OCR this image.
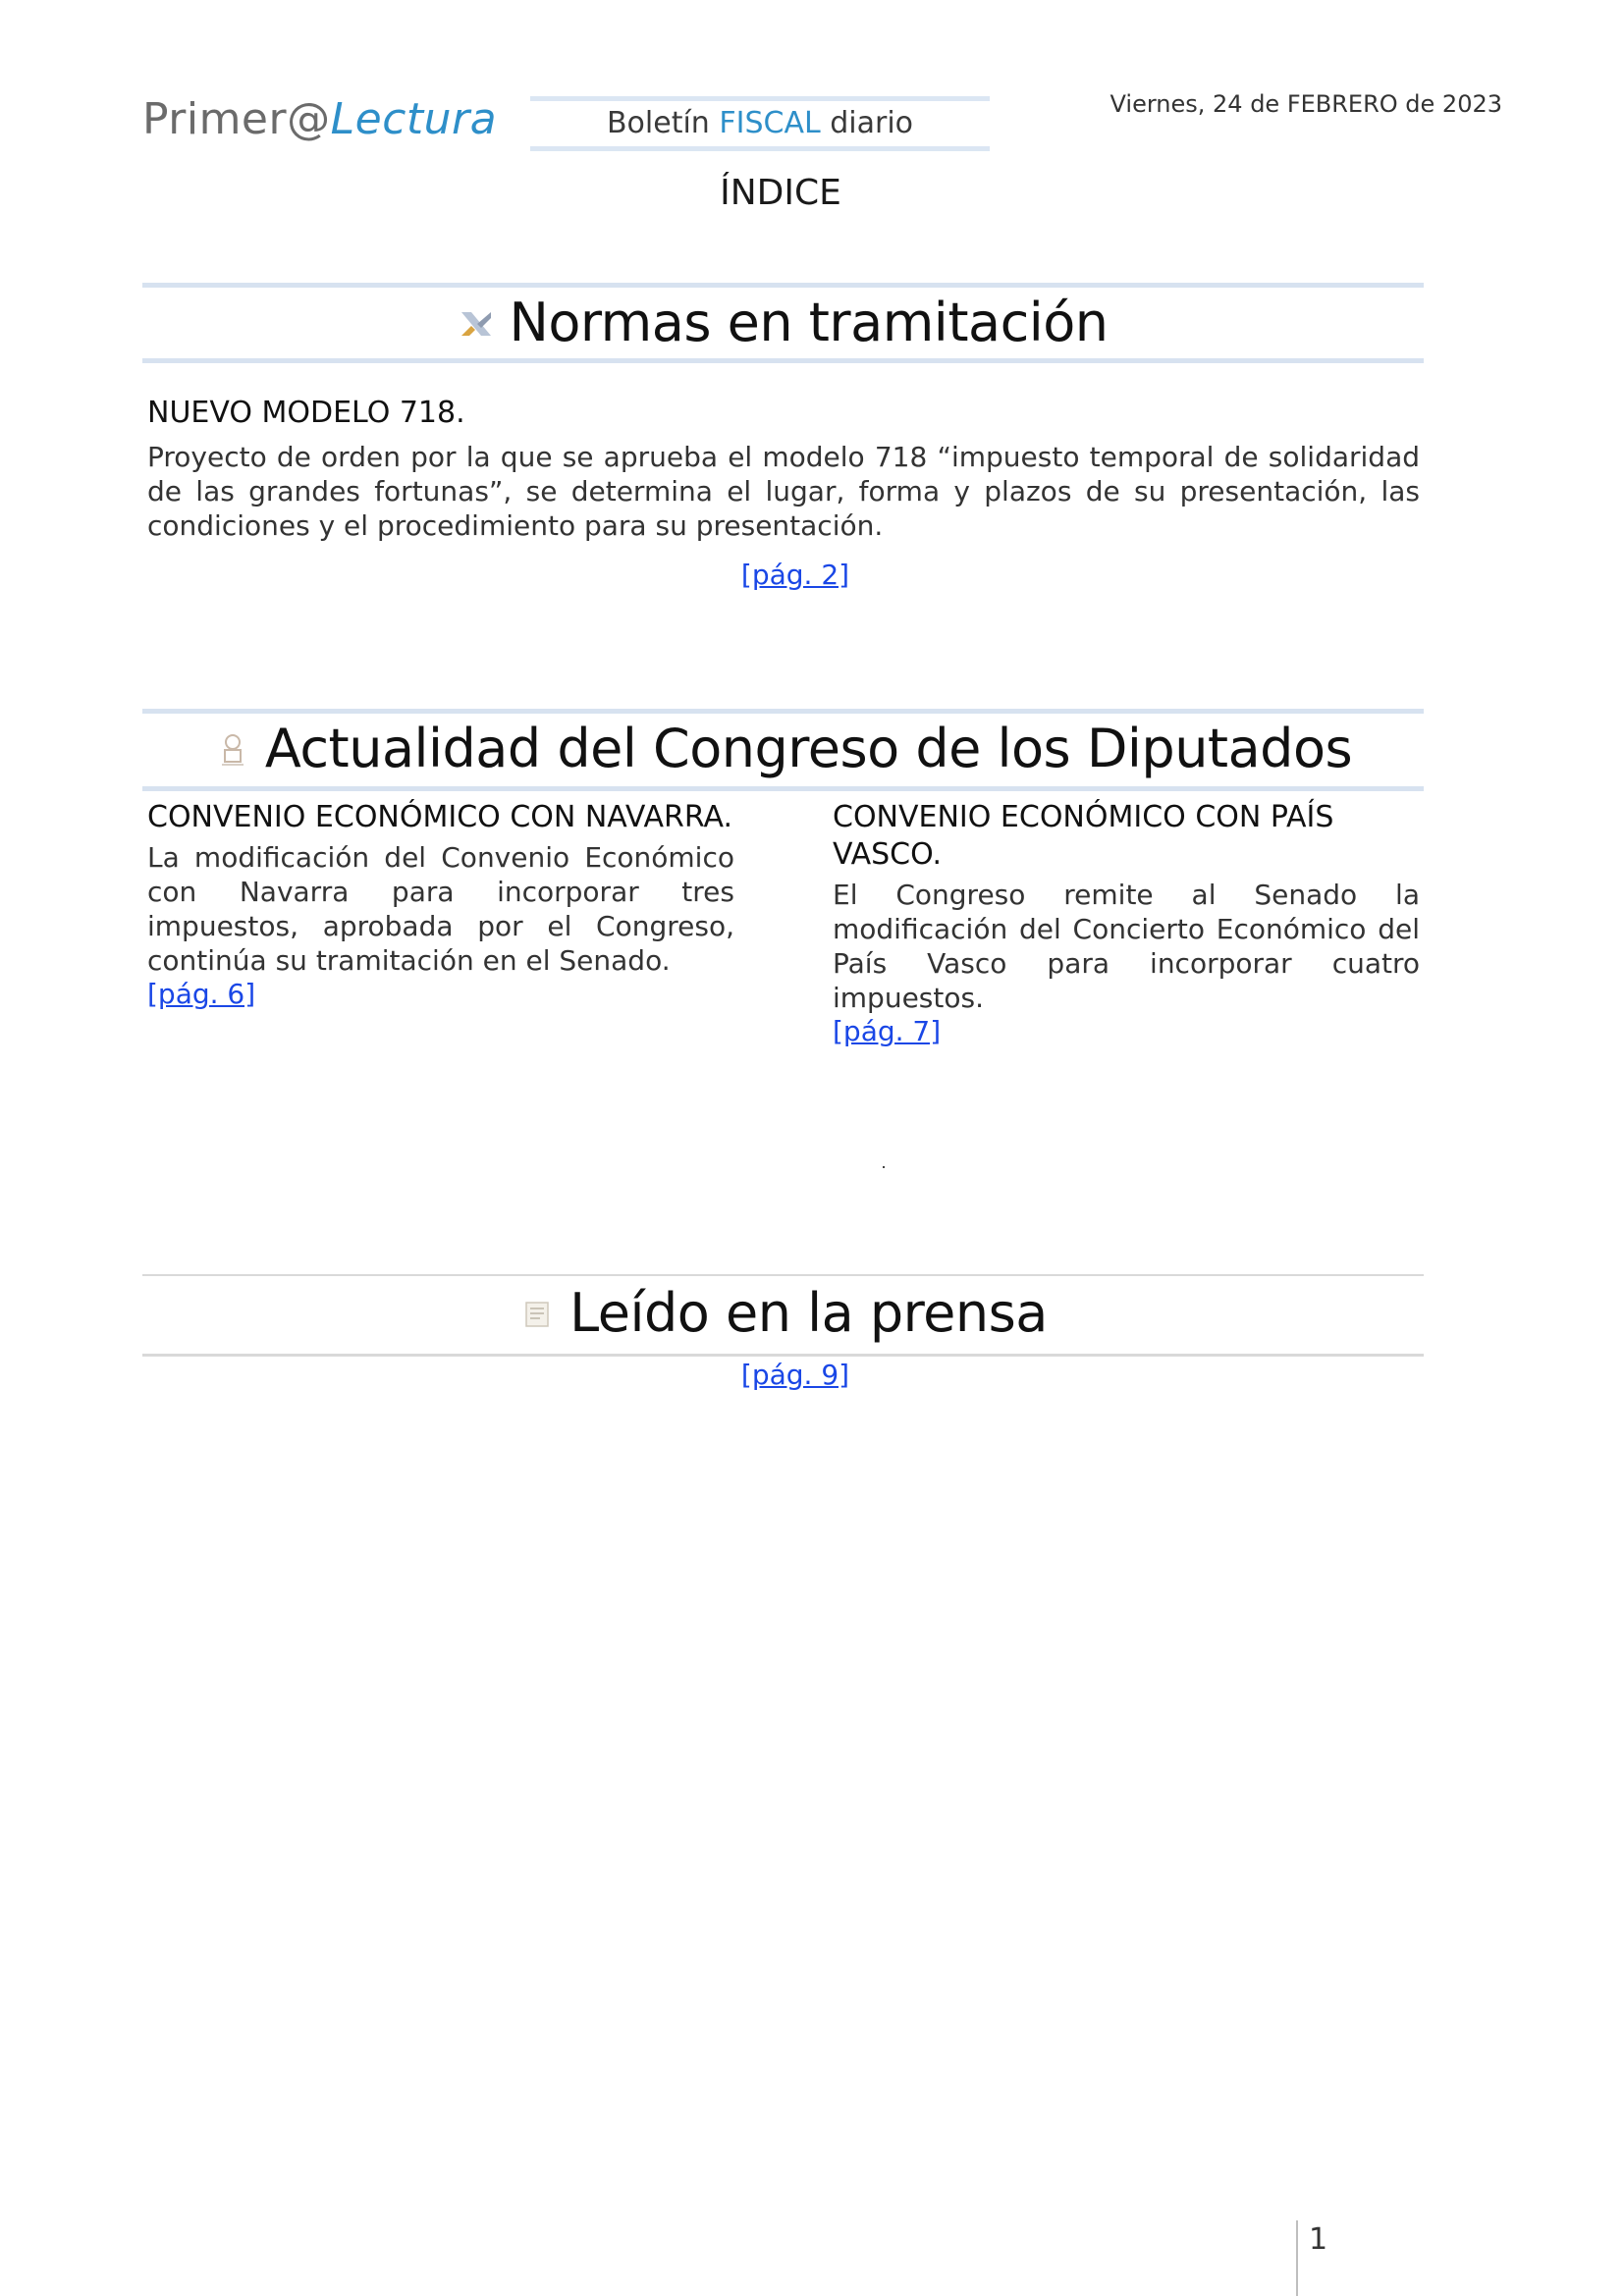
Primer@Lectura	Boletín FISCAL diario
Viernes, 24 de FEBRERO de 2023
ÍNDICE
Normas en tramitación

NUEVO MODELO 718.

Proyecto de orden por la que se aprueba el modelo 718 “impuesto temporal de solidaridad de las grandes fortunas”, se determina el lugar, forma y plazos de su presentación, las condiciones y el procedimiento para su presentación.

[pág. 2]
Actualidad del Congreso de los Diputados

CONVENIO ECONÓMICO CON NAVARRA.

La modificación del Convenio Económico con Navarra para incorporar tres impuestos, aprobada por el Congreso, continúa su tramitación en el Senado.

[pág. 6]

CONVENIO ECONÓMICO CON PAÍS VASCO.

El Congreso remite al Senado la modificación del Concierto Económico del País Vasco para incorporar cuatro impuestos.

[pág. 7]
Leído en la prensa
[pág. 9]
1
